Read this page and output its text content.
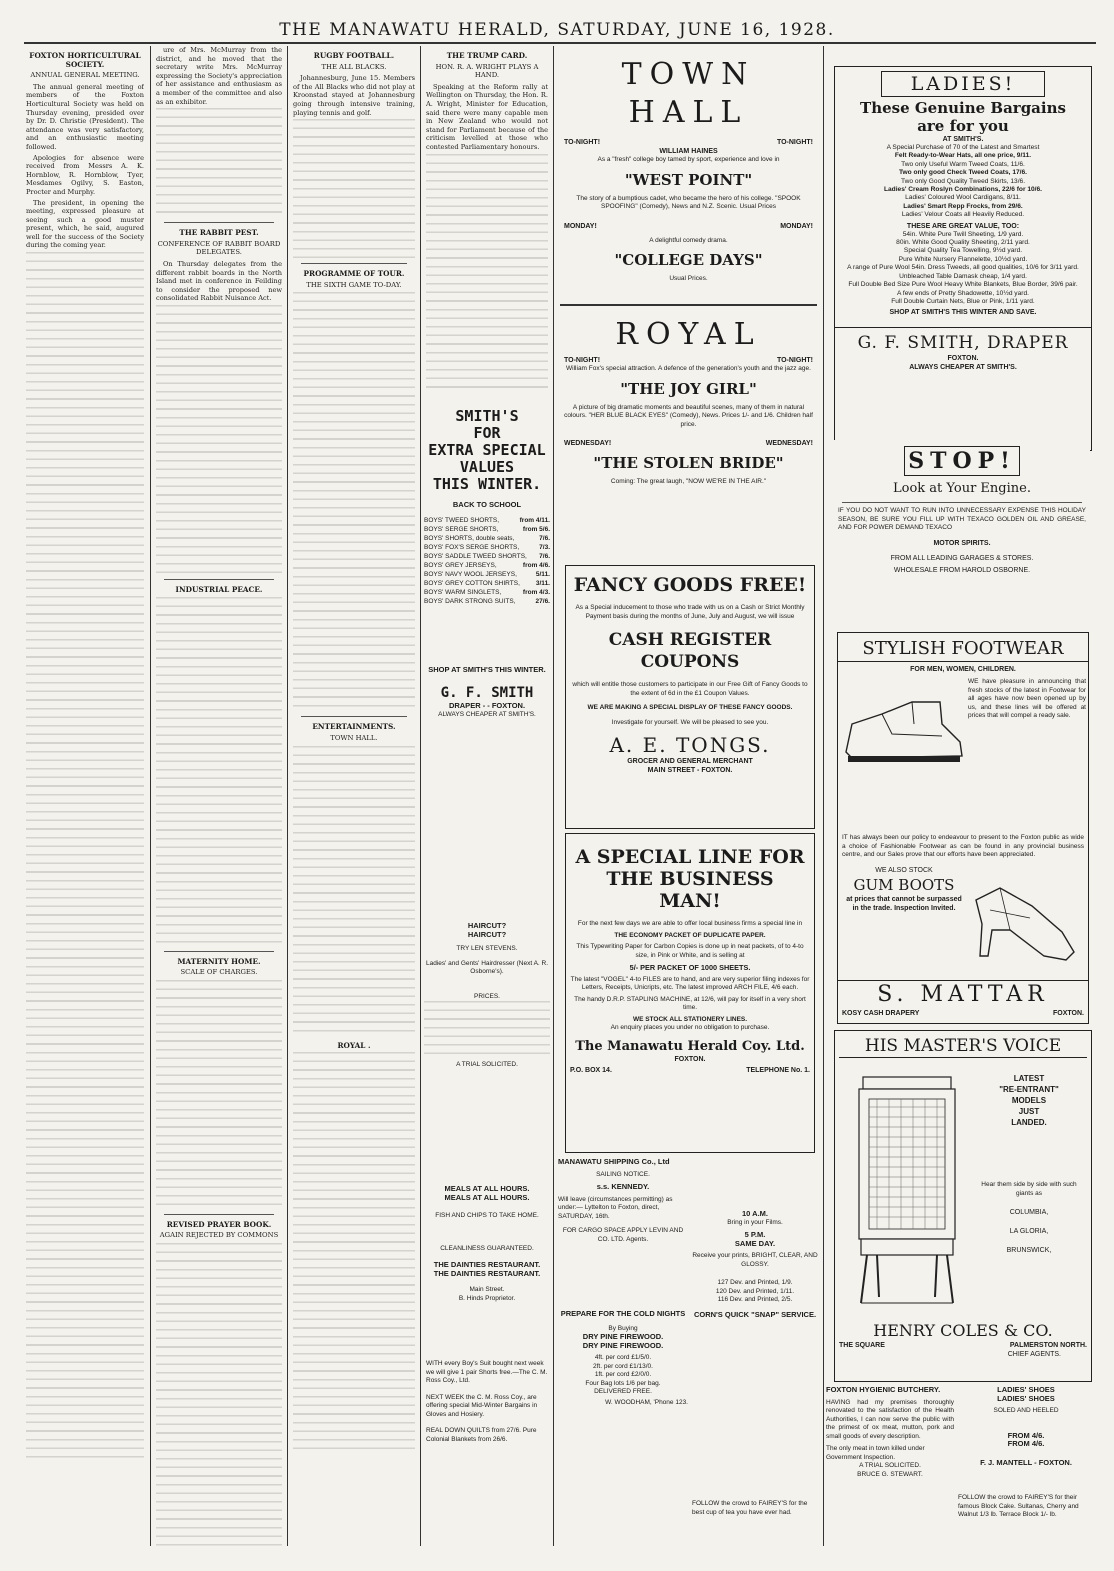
THE MANAWATU HERALD, SATURDAY, JUNE 16, 1928.

FOXTON HORTICULTURAL SOCIETY.

ANNUAL GENERAL MEETING.

The annual general meeting of members of the Foxton Horticultural Society was held on Thursday evening, presided over by Dr. D. Christie (President). The attendance was very satisfactory, and an enthusiastic meeting followed.

Apologies for absence were received from Messrs A. K. Hornblow, R. Hornblow, Tyer, Mesdames Ogilvy, S. Easton, Procter and Murphy.

The president, in opening the meeting, expressed pleasure at seeing such a good muster present, which, he said, augured well for the success of the Society during the coming year.

ure of Mrs. McMurray from the district, and he moved that the secretary write Mrs. McMurray expressing the Society's appreciation of her assistance and enthusiasm as a member of the committee and also as an exhibitor.

THE RABBIT PEST.

CONFERENCE OF RABBIT BOARD DELEGATES.

On Thursday delegates from the different rabbit boards in the North Island met in conference in Feilding to consider the proposed new consolidated Rabbit Nuisance Act.

INDUSTRIAL PEACE.

MATERNITY HOME.

SCALE OF CHARGES.

REVISED PRAYER BOOK.

AGAIN REJECTED BY COMMONS

RUGBY FOOTBALL.

THE ALL BLACKS.

Johannesburg, June 15. Members of the All Blacks who did not play at Kroonstad stayed at Johannesburg going through intensive training, playing tennis and golf.

PROGRAMME OF TOUR.

THE SIXTH GAME TO-DAY.

ENTERTAINMENTS.

TOWN HALL.

ROYAL .

THE TRUMP CARD.

HON. R. A. WRIGHT PLAYS A HAND.

Speaking at the Reform rally at Wellington on Thursday, the Hon. R. A. Wright, Minister for Education, said there were many capable men in New Zealand who would not stand for Parliament because of the criticism levelled at those who contested Parliamentary honours.

SMITH'S
FOR
EXTRA SPECIAL
VALUES
THIS WINTER.
BACK TO SCHOOL
BOYS' TWEED SHORTS,	from 4/11.
BOYS' SERGE SHORTS,	from 5/6.
BOYS' SHORTS, double seats,	7/6.
BOYS' FOX'S SERGE SHORTS,	7/3.
BOYS' SADDLE TWEED SHORTS, 7/6.
BOYS' GREY JERSEYS,	from 4/6.
BOYS' NAVY WOOL JERSEYS,	5/11.
BOYS' GREY COTTON SHIRTS, 3/11.
BOYS' WARM SINGLETS,	from 4/3.
BOYS' DARK STRONG SUITS,	27/6.
SHOP AT SMITH'S THIS WINTER.
G. F. SMITH
DRAPER - - FOXTON.
ALWAYS CHEAPER AT SMITH'S.
HAIRCUT?
HAIRCUT?
TRY LEN STEVENS.
Ladies' and Gents' Hairdresser (Next A. R. Osborne's).
PRICES.
A TRIAL SOLICITED.
MEALS AT ALL HOURS.
MEALS AT ALL HOURS.
FISH AND CHIPS TO TAKE HOME.
CLEANLINESS GUARANTEED.
THE DAINTIES RESTAURANT.
THE DAINTIES RESTAURANT.
Main Street.
B. Hinds Proprietor.
WITH every Boy's Suit bought next week we will give 1 pair Shorts free.—The C. M. Ross Coy., Ltd.
NEXT WEEK the C. M. Ross Coy., are offering special Mid-Winter Bargains in Gloves and Hosiery.
REAL DOWN QUILTS from 27/6. Pure Colonial Blankets from 26/6.
TOWN HALL
TO-NIGHT!	TO-NIGHT!
WILLIAM HAINES
As a "fresh" college boy tamed by sport, experience and love in
"WEST POINT"
The story of a bumptious cadet, who became the hero of his college. "SPOOK SPOOFING" (Comedy), News and N.Z. Scenic. Usual Prices
MONDAY!	MONDAY!
A delightful comedy drama.
"COLLEGE DAYS"
Usual Prices.
ROYAL
TO-NIGHT!	TO-NIGHT!
William Fox's special attraction. A defence of the generation's youth and the jazz age.
"THE JOY GIRL"
A picture of big dramatic moments and beautiful scenes, many of them in natural colours. "HER BLUE BLACK EYES" (Comedy), News. Prices 1/- and 1/6. Children half price.
WEDNESDAY!	WEDNESDAY!
"THE STOLEN BRIDE"
Coming: The great laugh, "NOW WE'RE IN THE AIR."
FANCY GOODS FREE!
As a Special inducement to those who trade with us on a Cash or Strict Monthly Payment basis during the months of June, July and August, we will issue
CASH REGISTER COUPONS
which will entitle those customers to participate in our Free Gift of Fancy Goods to the extent of 6d in the £1 Coupon Values.
WE ARE MAKING A SPECIAL DISPLAY OF THESE FANCY GOODS.
Investigate for yourself. We will be pleased to see you.
A. E. TONGS.
GROCER AND GENERAL MERCHANT
MAIN STREET - FOXTON.
A SPECIAL LINE FOR THE BUSINESS MAN!
For the next few days we are able to offer local business firms a special line in
THE ECONOMY PACKET OF DUPLICATE PAPER.
This Typewriting Paper for Carbon Copies is done up in neat packets, of to 4-to size, in Pink or White, and is selling at
5/- PER PACKET OF 1000 SHEETS.
The latest "VOGEL" 4-to FILES are to hand, and are very superior filing indexes for Letters, Receipts, Unicripts, etc. The latest improved ARCH FILE, 4/6 each.
The handy D.R.P. STAPLING MACHINE, at 12/6, will pay for itself in a very short time.
WE STOCK ALL STATIONERY LINES.
An enquiry places you under no obligation to purchase.
The Manawatu Herald Coy. Ltd.
FOXTON.
P.O. BOX 14.	TELEPHONE No. 1.
MANAWATU SHIPPING Co., Ltd
SAILING NOTICE.
s.s. KENNEDY.
Will leave (circumstances permitting) as under:— Lyttelton to Foxton, direct, SATURDAY, 16th.
FOR CARGO SPACE APPLY LEVIN AND CO. LTD. Agents.
10 A.M.
Bring in your Films.
5 P.M.
SAME DAY.
Receive your prints, BRIGHT, CLEAR, AND GLOSSY.
127 Dev. and Printed, 1/9.
120 Dev. and Printed, 1/11.
116 Dev. and Printed, 2/5.
CORN'S QUICK "SNAP" SERVICE.
PREPARE FOR THE COLD NIGHTS
By Buying
DRY PINE FIREWOOD.
DRY PINE FIREWOOD.
4ft. per cord £1/5/0.
2ft. per cord £1/13/0.
1ft. per cord £2/0/0.
Four Bag lots 1/6 per bag.
DELIVERED FREE.
W. WOODHAM, 'Phone 123.
FOLLOW the crowd to FAIREY'S for the best cup of tea you have ever had.
LADIES!
These Genuine Bargains
are for you
AT SMITH'S.
A Special Purchase of 70 of the Latest and Smartest
Felt Ready-to-Wear Hats, all one price, 9/11.
Two only Useful Warm Tweed Coats, 11/6.
Two only good Check Tweed Coats, 17/6.
Two only Good Quality Tweed Skirts, 13/6.
Ladies' Cream Roslyn Combinations, 22/6 for 10/6.
Ladies' Coloured Wool Cardigans, 8/11.
Ladies' Smart Repp Frocks, from 29/6.
Ladies' Velour Coats all Heavily Reduced.
THESE ARE GREAT VALUE, TOO:
54in. White Pure Twill Sheeting, 1/9 yard.
80in. White Good Quality Sheeting, 2/11 yard.
Special Quality Tea Towelling, 9½d yard.
Pure White Nursery Flannelette, 10½d yard.
A range of Pure Wool 54in. Dress Tweeds, all good qualities, 10/6 for 3/11 yard.
Unbleached Table Damask cheap, 1/4 yard.
Full Double Bed Size Pure Wool Heavy White Blankets, Blue Border, 39/6 pair.
A few ends of Pretty Shadowette, 10½d yard.
Full Double Curtain Nets, Blue or Pink, 1/11 yard.
SHOP AT SMITH'S THIS WINTER AND SAVE.
G. F. SMITH, DRAPER
FOXTON.
ALWAYS CHEAPER AT SMITH'S.
STOP!
Look at Your Engine.
IF YOU DO NOT WANT TO RUN INTO UNNECESSARY EXPENSE THIS HOLIDAY SEASON, BE SURE YOU FILL UP WITH TEXACO GOLDEN OIL AND GREASE, AND FOR POWER DEMAND TEXACO
MOTOR SPIRITS.
FROM ALL LEADING GARAGES & STORES.
WHOLESALE FROM HAROLD OSBORNE.
STYLISH FOOTWEAR
FOR MEN, WOMEN, CHILDREN.
WE have pleasure in announcing that fresh stocks of the latest in Footwear for all ages have now been opened up by us, and these lines will be offered at prices that will compel a ready sale.
IT has always been our policy to endeavour to present to the Foxton public as wide a choice of Fashionable Footwear as can be found in any provincial business centre, and our Sales prove that our efforts have been appreciated.
WE ALSO STOCK
GUM BOOTS
at prices that cannot be surpassed in the trade. Inspection Invited.
S. MATTAR
KOSY CASH DRAPERY	FOXTON.
HIS MASTER'S VOICE
LATEST
"RE-ENTRANT"
MODELS
JUST
LANDED.
Hear them side by side with such giants as
COLUMBIA,
LA GLORIA,
BRUNSWICK,
HENRY COLES & CO.
THE SQUARE	PALMERSTON NORTH.
CHIEF AGENTS.
FOXTON HYGIENIC BUTCHERY.
HAVING had my premises thoroughly renovated to the satisfaction of the Health Authorities, I can now serve the public with the primest of ox meat, mutton, pork and small goods of every description.
The only meat in town killed under Government Inspection.
A TRIAL SOLICITED.
BRUCE G. STEWART.
LADIES' SHOES
LADIES' SHOES
SOLED AND HEELED
FROM 4/6.
FROM 4/6.
F. J. MANTELL - FOXTON.
FOLLOW the crowd to FAIREY'S for their famous Block Cake. Sultanas, Cherry and Walnut 1/3 lb. Terrace Block 1/- lb.
